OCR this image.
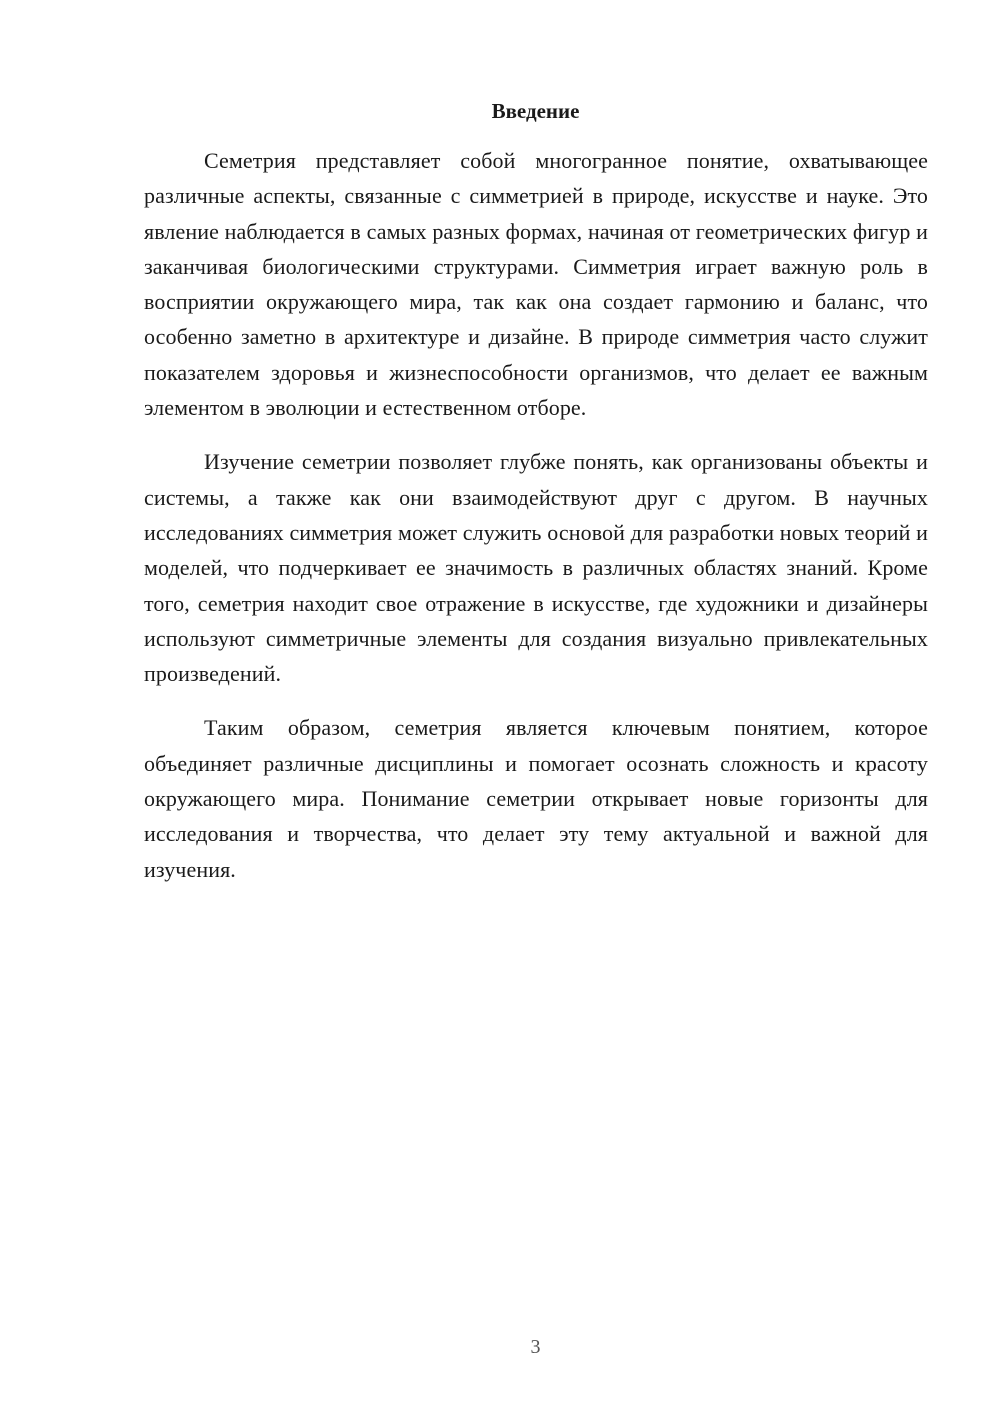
Введение

Семетрия представляет собой многогранное понятие, охватывающее различные аспекты, связанные с симметрией в природе, искусстве и науке. Это явление наблюдается в самых разных формах, начиная от геометрических фигур и заканчивая биологическими структурами. Симметрия играет важную роль в восприятии окружающего мира, так как она создает гармонию и баланс, что особенно заметно в архитектуре и дизайне. В природе симметрия часто служит показателем здоровья и жизнеспособности организмов, что делает ее важным элементом в эволюции и естественном отборе.

Изучение семетрии позволяет глубже понять, как организованы объекты и системы, а также как они взаимодействуют друг с другом. В научных исследованиях симметрия может служить основой для разработки новых теорий и моделей, что подчеркивает ее значимость в различных областях знаний. Кроме того, семетрия находит свое отражение в искусстве, где художники и дизайнеры используют симметричные элементы для создания визуально привлекательных произведений.

Таким образом, семетрия является ключевым понятием, которое объединяет различные дисциплины и помогает осознать сложность и красоту окружающего мира. Понимание семетрии открывает новые горизонты для исследования и творчества, что делает эту тему актуальной и важной для изучения.

3
